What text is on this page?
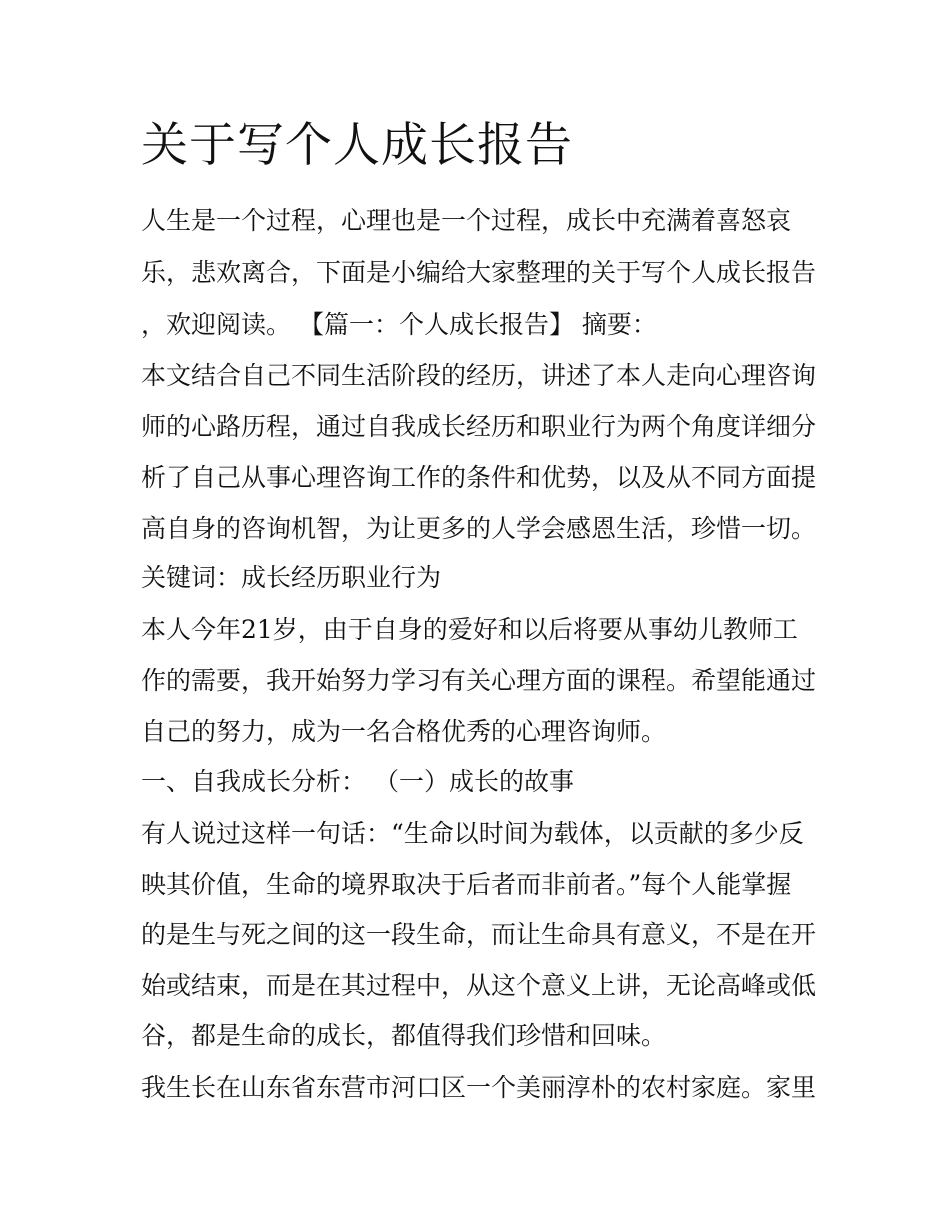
关于写个人成长报告

人生是一个过程，心理也是一个过程，成长中充满着喜怒哀

乐，悲欢离合，下面是小编给大家整理的关于写个人成长报告

，欢迎阅读。 【篇一：个人成长报告】 摘要：

本文结合自己不同生活阶段的经历，讲述了本人走向心理咨询

师的心路历程，通过自我成长经历和职业行为两个角度详细分

析了自己从事心理咨询工作的条件和优势，以及从不同方面提

高自身的咨询机智，为让更多的人学会感恩生活，珍惜一切。

关键词：成长经历职业行为

本人今年21岁，由于自身的爱好和以后将要从事幼儿教师工

作的需要，我开始努力学习有关心理方面的课程。希望能通过

自己的努力，成为一名合格优秀的心理咨询师。

一、自我成长分析： （一）成长的故事

有人说过这样一句话：“生命以时间为载体，以贡献的多少反

映其价值，生命的境界取决于后者而非前者。”每个人能掌握

的是生与死之间的这一段生命，而让生命具有意义，不是在开

始或结束，而是在其过程中，从这个意义上讲，无论高峰或低

谷，都是生命的成长，都值得我们珍惜和回味。

我生长在山东省东营市河口区一个美丽淳朴的农村家庭。家里
